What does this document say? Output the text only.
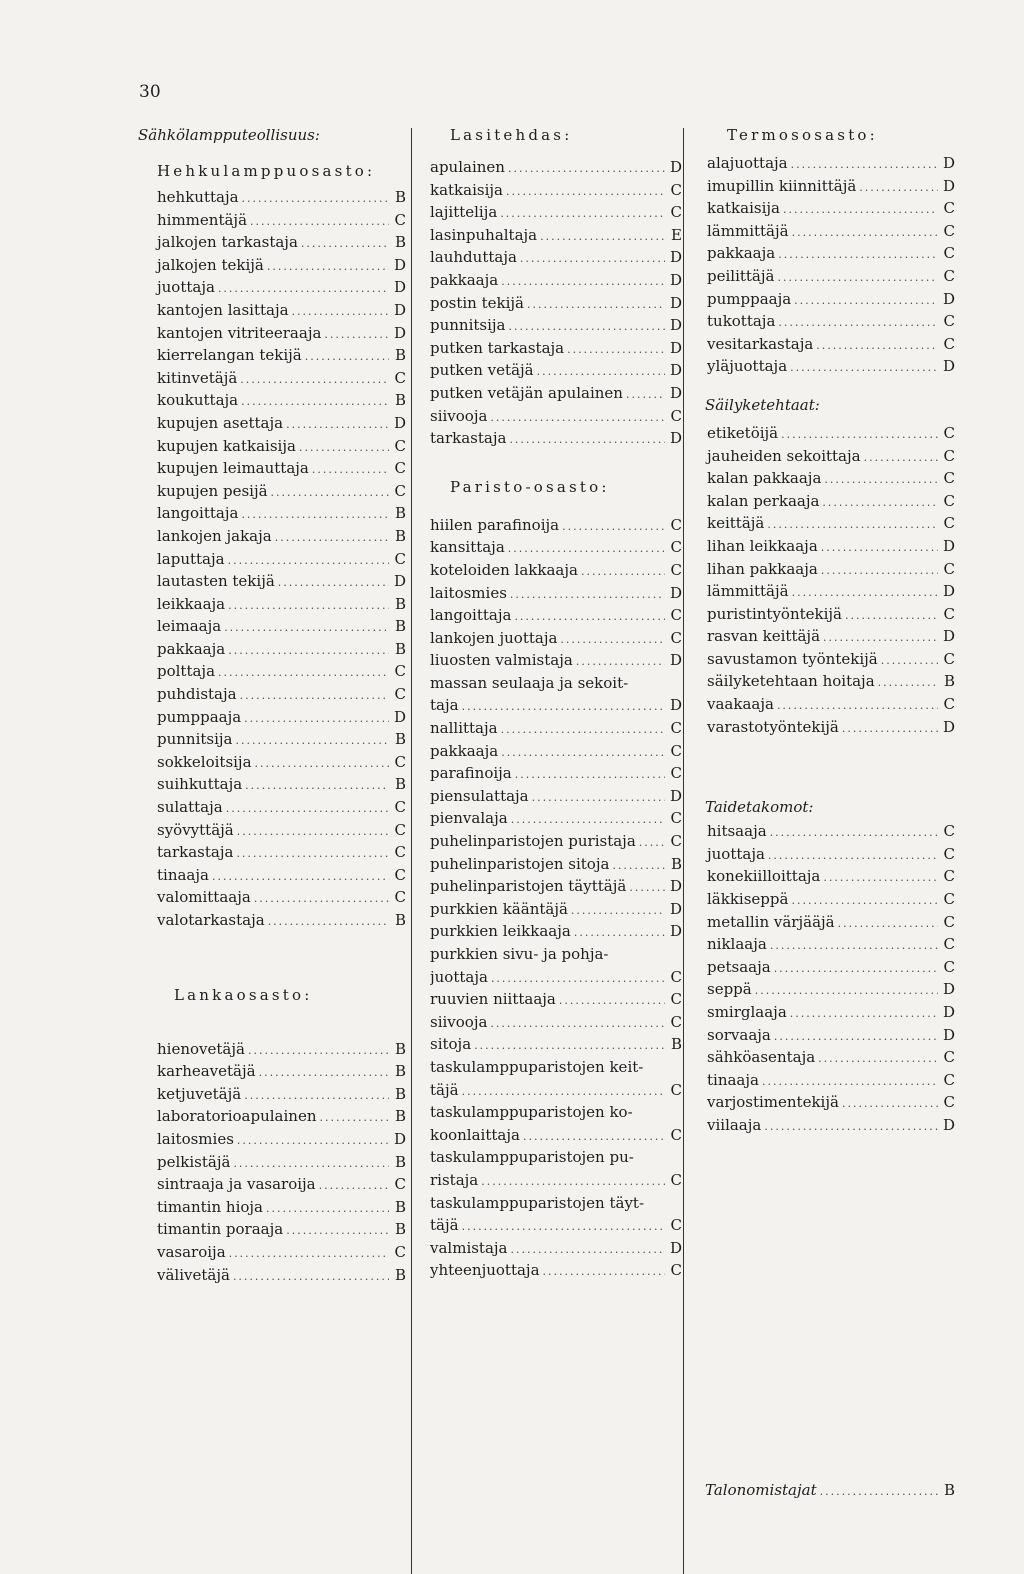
30
Sähkölampputeollisuus:
Hehkulamppuosasto:
hehkuttaja .....	B
himmentäjä .....	C
jalkojen tarkastaja .....	B
jalkojen tekijä .....	D
juottaja .....	D
kantojen lasittaja .....	D
kantojen vitriteeraaja .....	D
kierrelangan tekijä .....	B
kitinvetäjä .....	C
koukuttaja .....	B
kupujen asettaja .....	D
kupujen katkaisija .....	C
kupujen leimauttaja .....	C
kupujen pesijä .....	C
langoittaja .....	B
lankojen jakaja .....	B
laputtaja .....	C
lautasten tekijä .....	D
leikkaaja .....	B
leimaaja .....	B
pakkaaja .....	B
polttaja .....	C
puhdistaja .....	C
pumppaaja .....	D
punnitsija .....	B
sokkeloitsija .....	C
suihkuttaja .....	B
sulattaja .....	C
syövyttäjä .....	C
tarkastaja .....	C
tinaaja .....	C
valomittaaja .....	C
valotarkastaja .....	B
Lankaosasto:
hienovetäjä .....	B
karheavetäjä .....	B
ketjuvetäjä .....	B
laboratorioapulainen .....	B
laitosmies .....	D
pelkistäjä .....	B
sintraaja ja vasaroija .....	C
timantin hioja .....	B
timantin poraaja .....	B
vasaroija .....	C
välivetäjä .....	B
Lasitehdas:
apulainen .....	D
katkaisija .....	C
lajittelija .....	C
lasinpuhaltaja .....	E
lauhduttaja .....	D
pakkaaja .....	D
postin tekijä .....	D
punnitsija .....	D
putken tarkastaja .....	D
putken vetäjä .....	D
putken vetäjän apulainen .....	D
siivooja .....	C
tarkastaja .....	D
Paristo-osasto:
hiilen parafinoija .....	C
kansittaja .....	C
koteloiden lakkaaja .....	C
laitosmies .....	D
langoittaja .....	C
lankojen juottaja .....	C
liuosten valmistaja .....	D
massan seulaaja ja sekoit-
taja .....	D
nallittaja .....	C
pakkaaja .....	C
parafinoija .....	C
piensulattaja .....	D
pienvalaja .....	C
puhelinparistojen puristaja ..... C
puhelinparistojen sitoja .....	B
puhelinparistojen täyttäjä .....	D
purkkien kääntäjä .....	D
purkkien leikkaaja .....	D
purkkien sivu- ja pohja-
juottaja .....	C
ruuvien niittaaja .....	C
siivooja .....	C
sitoja .....	B
taskulamppuparistojen keit-
täjä .....	C
taskulamppuparistojen ko-
koonlaittaja .....	C
taskulamppuparistojen pu-
ristaja .....	C
taskulamppuparistojen täyt-
täjä .....	C
valmistaja .....	D
yhteenjuottaja .....	C
Termososasto:
alajuottaja .....	D
imupillin kiinnittäjä .....	D
katkaisija .....	C
lämmittäjä .....	C
pakkaaja .....	C
peilittäjä .....	C
pumppaaja .....	D
tukottaja .....	C
vesitarkastaja .....	C
yläjuottaja .....	D
Säilyketehtaat:
etiketöijä .....	C
jauheiden sekoittaja .....	C
kalan pakkaaja .....	C
kalan perkaaja .....	C
keittäjä .....	C
lihan leikkaaja .....	D
lihan pakkaaja .....	C
lämmittäjä .....	D
puristintyöntekijä .....	C
rasvan keittäjä .....	D
savustamon työntekijä .....	C
säilyketehtaan hoitaja .....	B
vaakaaja .....	C
varastotyöntekijä .....	D
Taidetakomot:
hitsaaja .....	C
juottaja .....	C
konekiilloittaja .....	C
läkkiseppä .....	C
metallin värjääjä .....	C
niklaaja .....	C
petsaaja .....	C
seppä .....	D
smirglaaja .....	D
sorvaaja .....	D
sähköasentaja .....	C
tinaaja .....	C
varjostimentekijä .....	C
viilaaja .....	D
Talonomistajat .....	B
